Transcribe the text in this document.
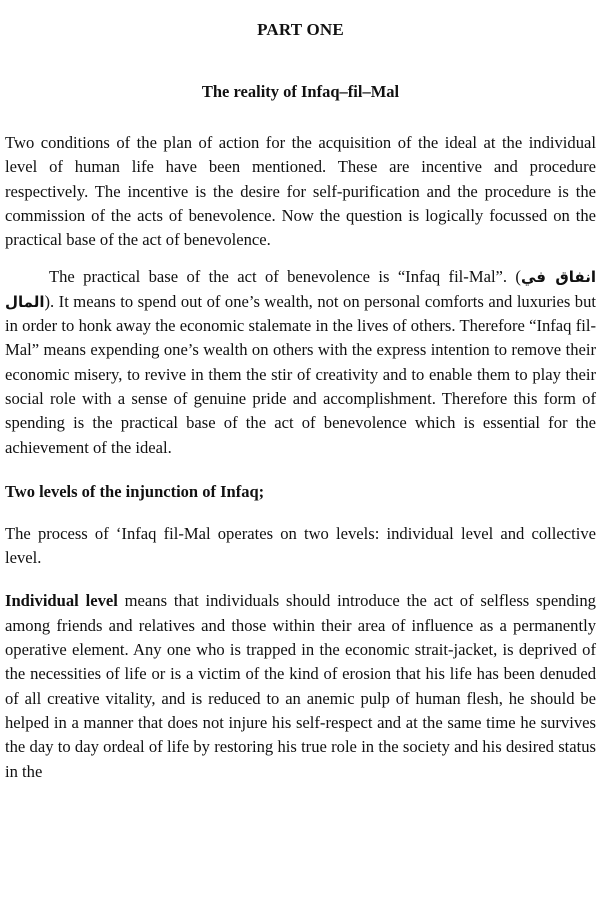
PART ONE
The reality of Infaq–fil–Mal

Two conditions of the plan of action for the acquisition of the ideal at the individual level of human life have been mentioned. These are incentive and procedure respectively. The incentive is the desire for self-purification and the procedure is the commission of the acts of benevolence. Now the question is logically focussed on the practical base of the act of benevolence.

The practical base of the act of benevolence is “Infaq fil-Mal”. (انفاق في المال). It means to spend out of one’s wealth, not on personal comforts and luxuries but in order to honk away the economic stalemate in the lives of others. Therefore “Infaq fil-Mal” means expending one’s wealth on others with the express intention to remove their economic misery, to revive in them the stir of creativity and to enable them to play their social role with a sense of genuine pride and accomplishment. Therefore this form of spending is the practical base of the act of benevolence which is essential for the achievement of the ideal.

Two levels of the injunction of Infaq;

The process of ‘Infaq fil-Mal operates on two levels: individual level and collective level.

Individual level means that individuals should introduce the act of selfless spending among friends and relatives and those within their area of influence as a permanently operative element. Any one who is trapped in the economic strait-jacket, is deprived of the necessities of life or is a victim of the kind of erosion that his life has been denuded of all creative vitality, and is reduced to an anemic pulp of human flesh, he should be helped in a manner that does not injure his self-respect and at the same time he survives the day to day ordeal of life by restoring his true role in the society and his desired status in the
